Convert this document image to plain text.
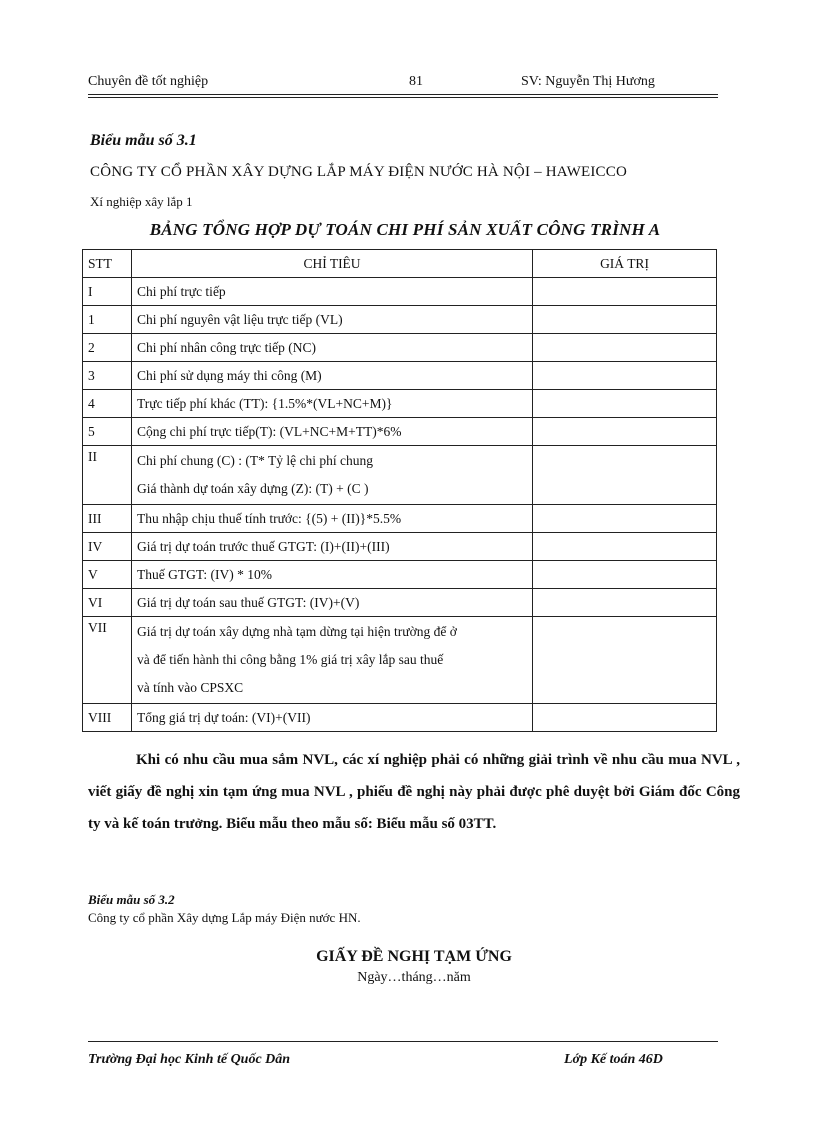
Chuyên đề tốt nghiệp	81	SV: Nguyễn Thị Hương
Biểu mẫu số 3.1
CÔNG TY CỔ PHẦN XÂY DỰNG LẮP MÁY ĐIỆN NƯỚC HÀ NỘI – HAWEICCO
Xí nghiệp xây lắp 1
BẢNG TỔNG HỢP DỰ TOÁN CHI PHÍ SẢN XUẤT CÔNG TRÌNH A
STT	CHỈ TIÊU	GIÁ TRỊ
I	Chi phí trực tiếp	

1	Chi phí nguyên vật liệu trực tiếp (VL)	

2	Chi phí nhân công trực tiếp (NC)	

3	Chi phí sử dụng máy thi công (M)	

4	Trực tiếp phí khác (TT): {1.5%*(VL+NC+M)}	

5	Cộng chi phí trực tiếp(T): (VL+NC+M+TT)*6%	

II	Chi phí chung (C) : (T* Tỷ lệ chi phí chung
Giá thành dự toán xây dựng (Z): (T) + (C )	

III	Thu nhập chịu thuế tính trước: {(5) + (II)}*5.5%	

IV	Giá trị dự toán trước thuế GTGT: (I)+(II)+(III)	

V	Thuế GTGT: (IV) * 10%	

VI	Giá trị dự toán sau thuế GTGT: (IV)+(V)	

VII	Giá trị dự toán xây dựng nhà tạm dừng tại hiện trường để ở
và để tiến hành thi công bằng 1% giá trị xây lắp sau thuế
và tính vào CPSXC	

VIII	Tổng giá trị dự toán: (VI)+(VII)	

Khi có nhu cầu mua sắm NVL, các xí nghiệp phải có những giải trình về nhu cầu mua NVL , viết giấy đề nghị xin tạm ứng mua NVL , phiếu đề nghị này phải được phê duyệt bởi Giám đốc Công ty và kế toán trưởng. Biểu mẫu theo mẫu số: Biểu mẫu số 03TT.
Biểu mẫu số 3.2
Công ty cổ phần Xây dựng Lắp máy Điện nước HN.
GIẤY ĐỀ NGHỊ TẠM ỨNG
Ngày…tháng…năm
Trường Đại học Kinh tế Quốc Dân	Lớp Kế toán 46D
